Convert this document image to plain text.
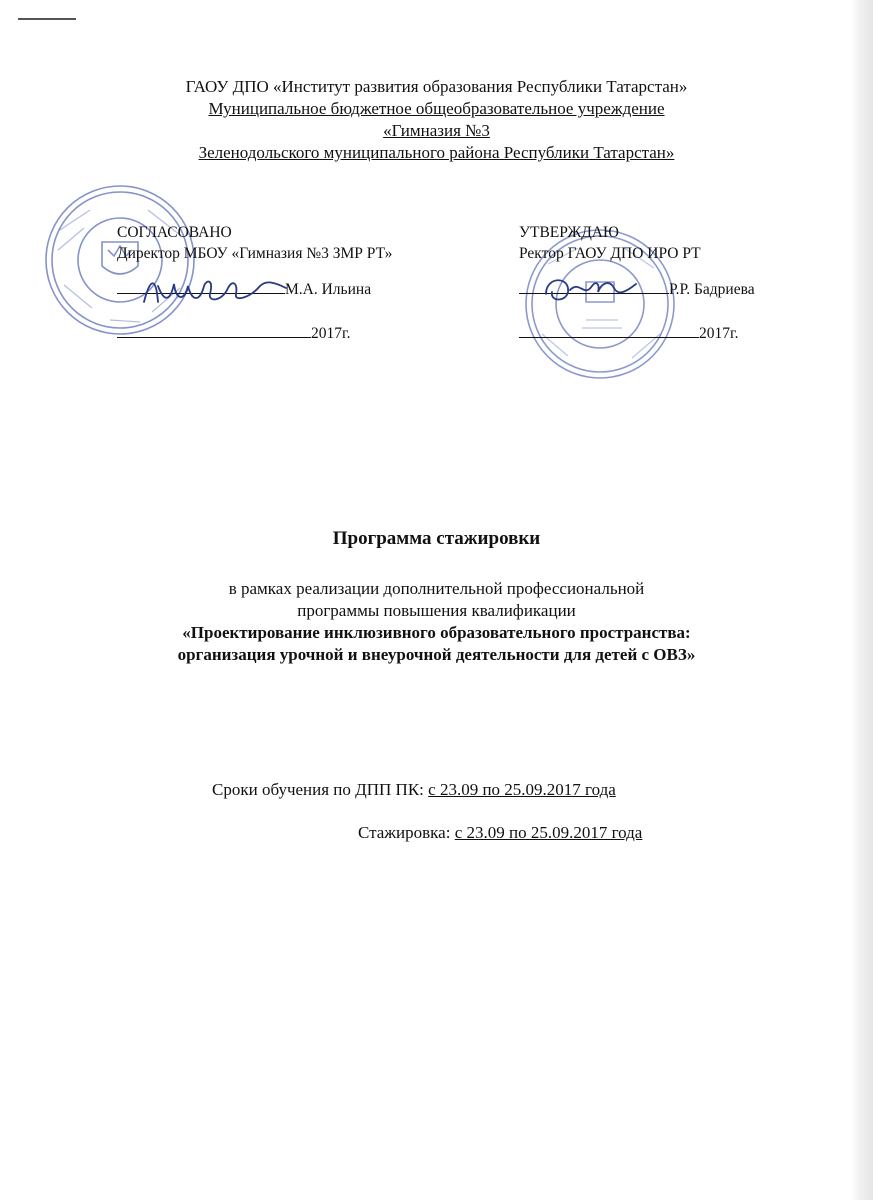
ГАОУ ДПО «Институт развития образования Республики Татарстан»
Муниципальное бюджетное общеобразовательное учреждение
«Гимназия №3
Зеленодольского муниципального района Республики Татарстан»
СОГЛАСОВАНО
Директор МБОУ «Гимназия №3 ЗМР РТ»
М.А. Ильина
2017г.
УТВЕРЖДАЮ
Ректор ГАОУ ДПО ИРО РТ
Р.Р. Бадриева
2017г.
Программа стажировки
в рамках реализации дополнительной профессиональной
программы повышения квалификации
«Проектирование инклюзивного образовательного пространства:
организация урочной и внеурочной деятельности для детей с ОВЗ»
Сроки обучения по ДПП ПК: с 23.09 по 25.09.2017 года
Стажировка: с 23.09 по 25.09.2017 года
